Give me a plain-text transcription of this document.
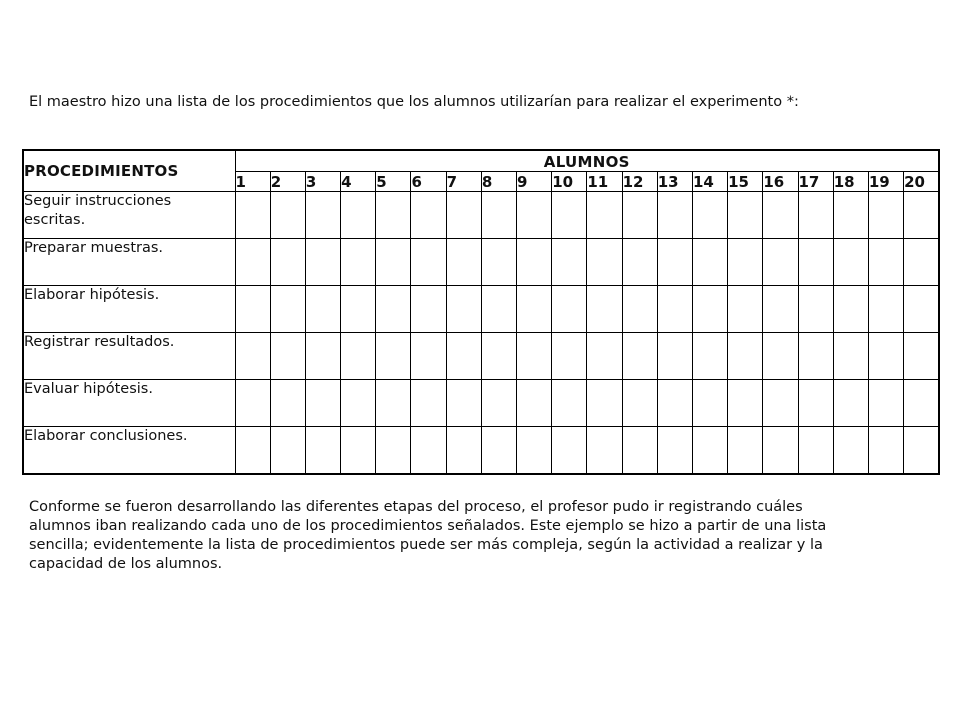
El maestro hizo una lista de los procedimientos que los alumnos utilizarían para realizar el experimento *:

PROCEDIMIENTOS	ALUMNOS																			
	1	2	3	4	5	6	7	8	9	10	11	12	13	14	15	16	17	18	19	20
Seguir instrucciones
escritas.																				
Preparar muestras.																				
Elaborar hipótesis.																				
Registrar resultados.																				
Evaluar hipótesis.																				
Elaborar conclusiones.																				

Conforme se fueron desarrollando las diferentes etapas del proceso, el profesor pudo ir registrando cuáles
alumnos iban realizando cada uno de los procedimientos señalados. Este ejemplo se hizo a partir de una lista
sencilla; evidentemente la lista de procedimientos puede ser más compleja, según la actividad a realizar y la
capacidad de los alumnos.
